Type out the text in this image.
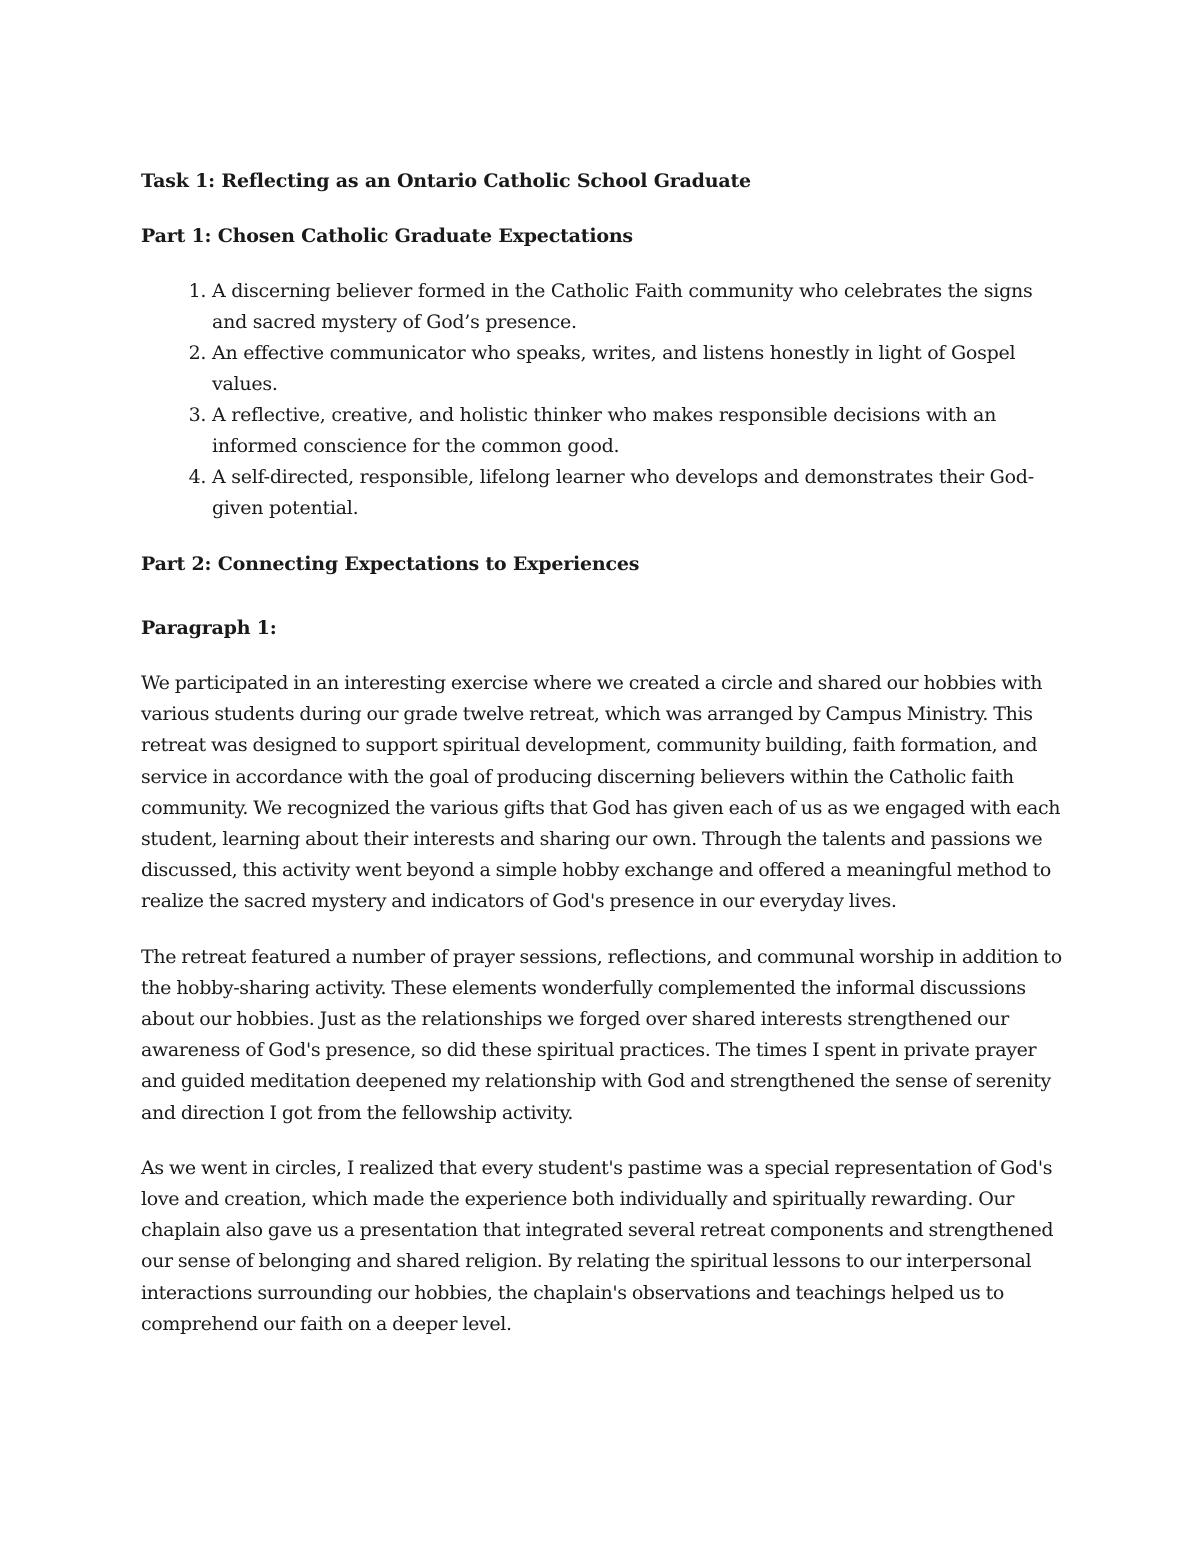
Task 1: Reflecting as an Ontario Catholic School Graduate
Part 1: Chosen Catholic Graduate Expectations
1. A discerning believer formed in the Catholic Faith community who celebrates the signs and sacred mystery of God’s presence.
2. An effective communicator who speaks, writes, and listens honestly in light of Gospel values.
3. A reflective, creative, and holistic thinker who makes responsible decisions with an informed conscience for the common good.
4. A self-directed, responsible, lifelong learner who develops and demonstrates their God-given potential.
Part 2: Connecting Expectations to Experiences
Paragraph 1:

We participated in an interesting exercise where we created a circle and shared our hobbies with various students during our grade twelve retreat, which was arranged by Campus Ministry. This retreat was designed to support spiritual development, community building, faith formation, and service in accordance with the goal of producing discerning believers within the Catholic faith community. We recognized the various gifts that God has given each of us as we engaged with each student, learning about their interests and sharing our own. Through the talents and passions we discussed, this activity went beyond a simple hobby exchange and offered a meaningful method to realize the sacred mystery and indicators of God's presence in our everyday lives.

The retreat featured a number of prayer sessions, reflections, and communal worship in addition to the hobby-sharing activity. These elements wonderfully complemented the informal discussions about our hobbies. Just as the relationships we forged over shared interests strengthened our awareness of God's presence, so did these spiritual practices. The times I spent in private prayer and guided meditation deepened my relationship with God and strengthened the sense of serenity and direction I got from the fellowship activity.

As we went in circles, I realized that every student's pastime was a special representation of God's love and creation, which made the experience both individually and spiritually rewarding. Our chaplain also gave us a presentation that integrated several retreat components and strengthened our sense of belonging and shared religion. By relating the spiritual lessons to our interpersonal interactions surrounding our hobbies, the chaplain's observations and teachings helped us to comprehend our faith on a deeper level.
